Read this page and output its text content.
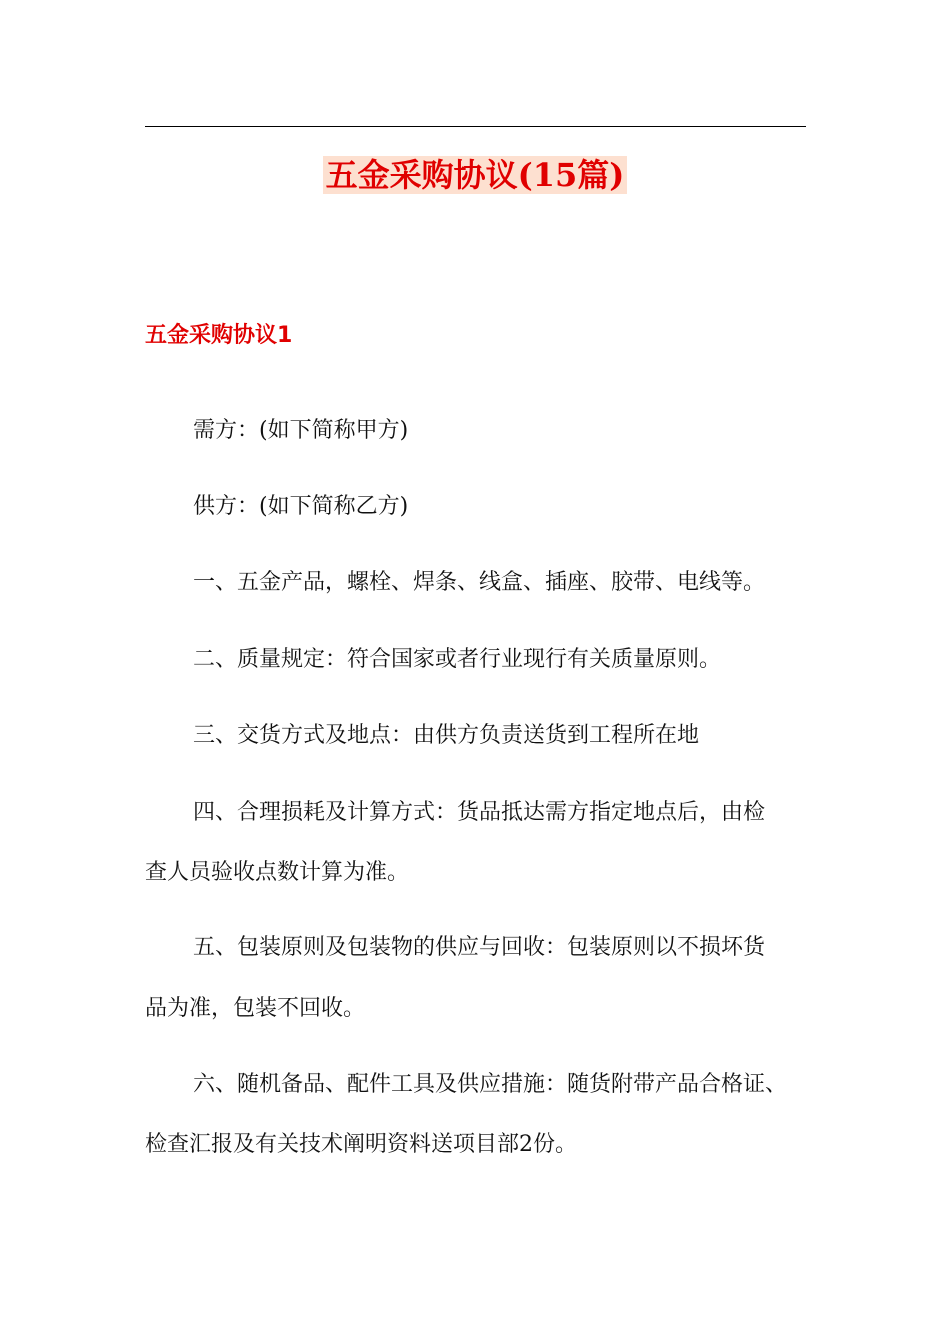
五金采购协议(15篇)
五金采购协议1
需方：(如下简称甲方)
供方：(如下简称乙方)
一、五金产品，螺栓、焊条、线盒、插座、胶带、电线等。
二、质量规定：符合国家或者行业现行有关质量原则。
三、交货方式及地点：由供方负责送货到工程所在地
四、合理损耗及计算方式：货品抵达需方指定地点后，由检
查人员验收点数计算为准。
五、包装原则及包装物的供应与回收：包装原则以不损坏货
品为准，包装不回收。
六、随机备品、配件工具及供应措施：随货附带产品合格证、
检查汇报及有关技术阐明资料送项目部2份。
